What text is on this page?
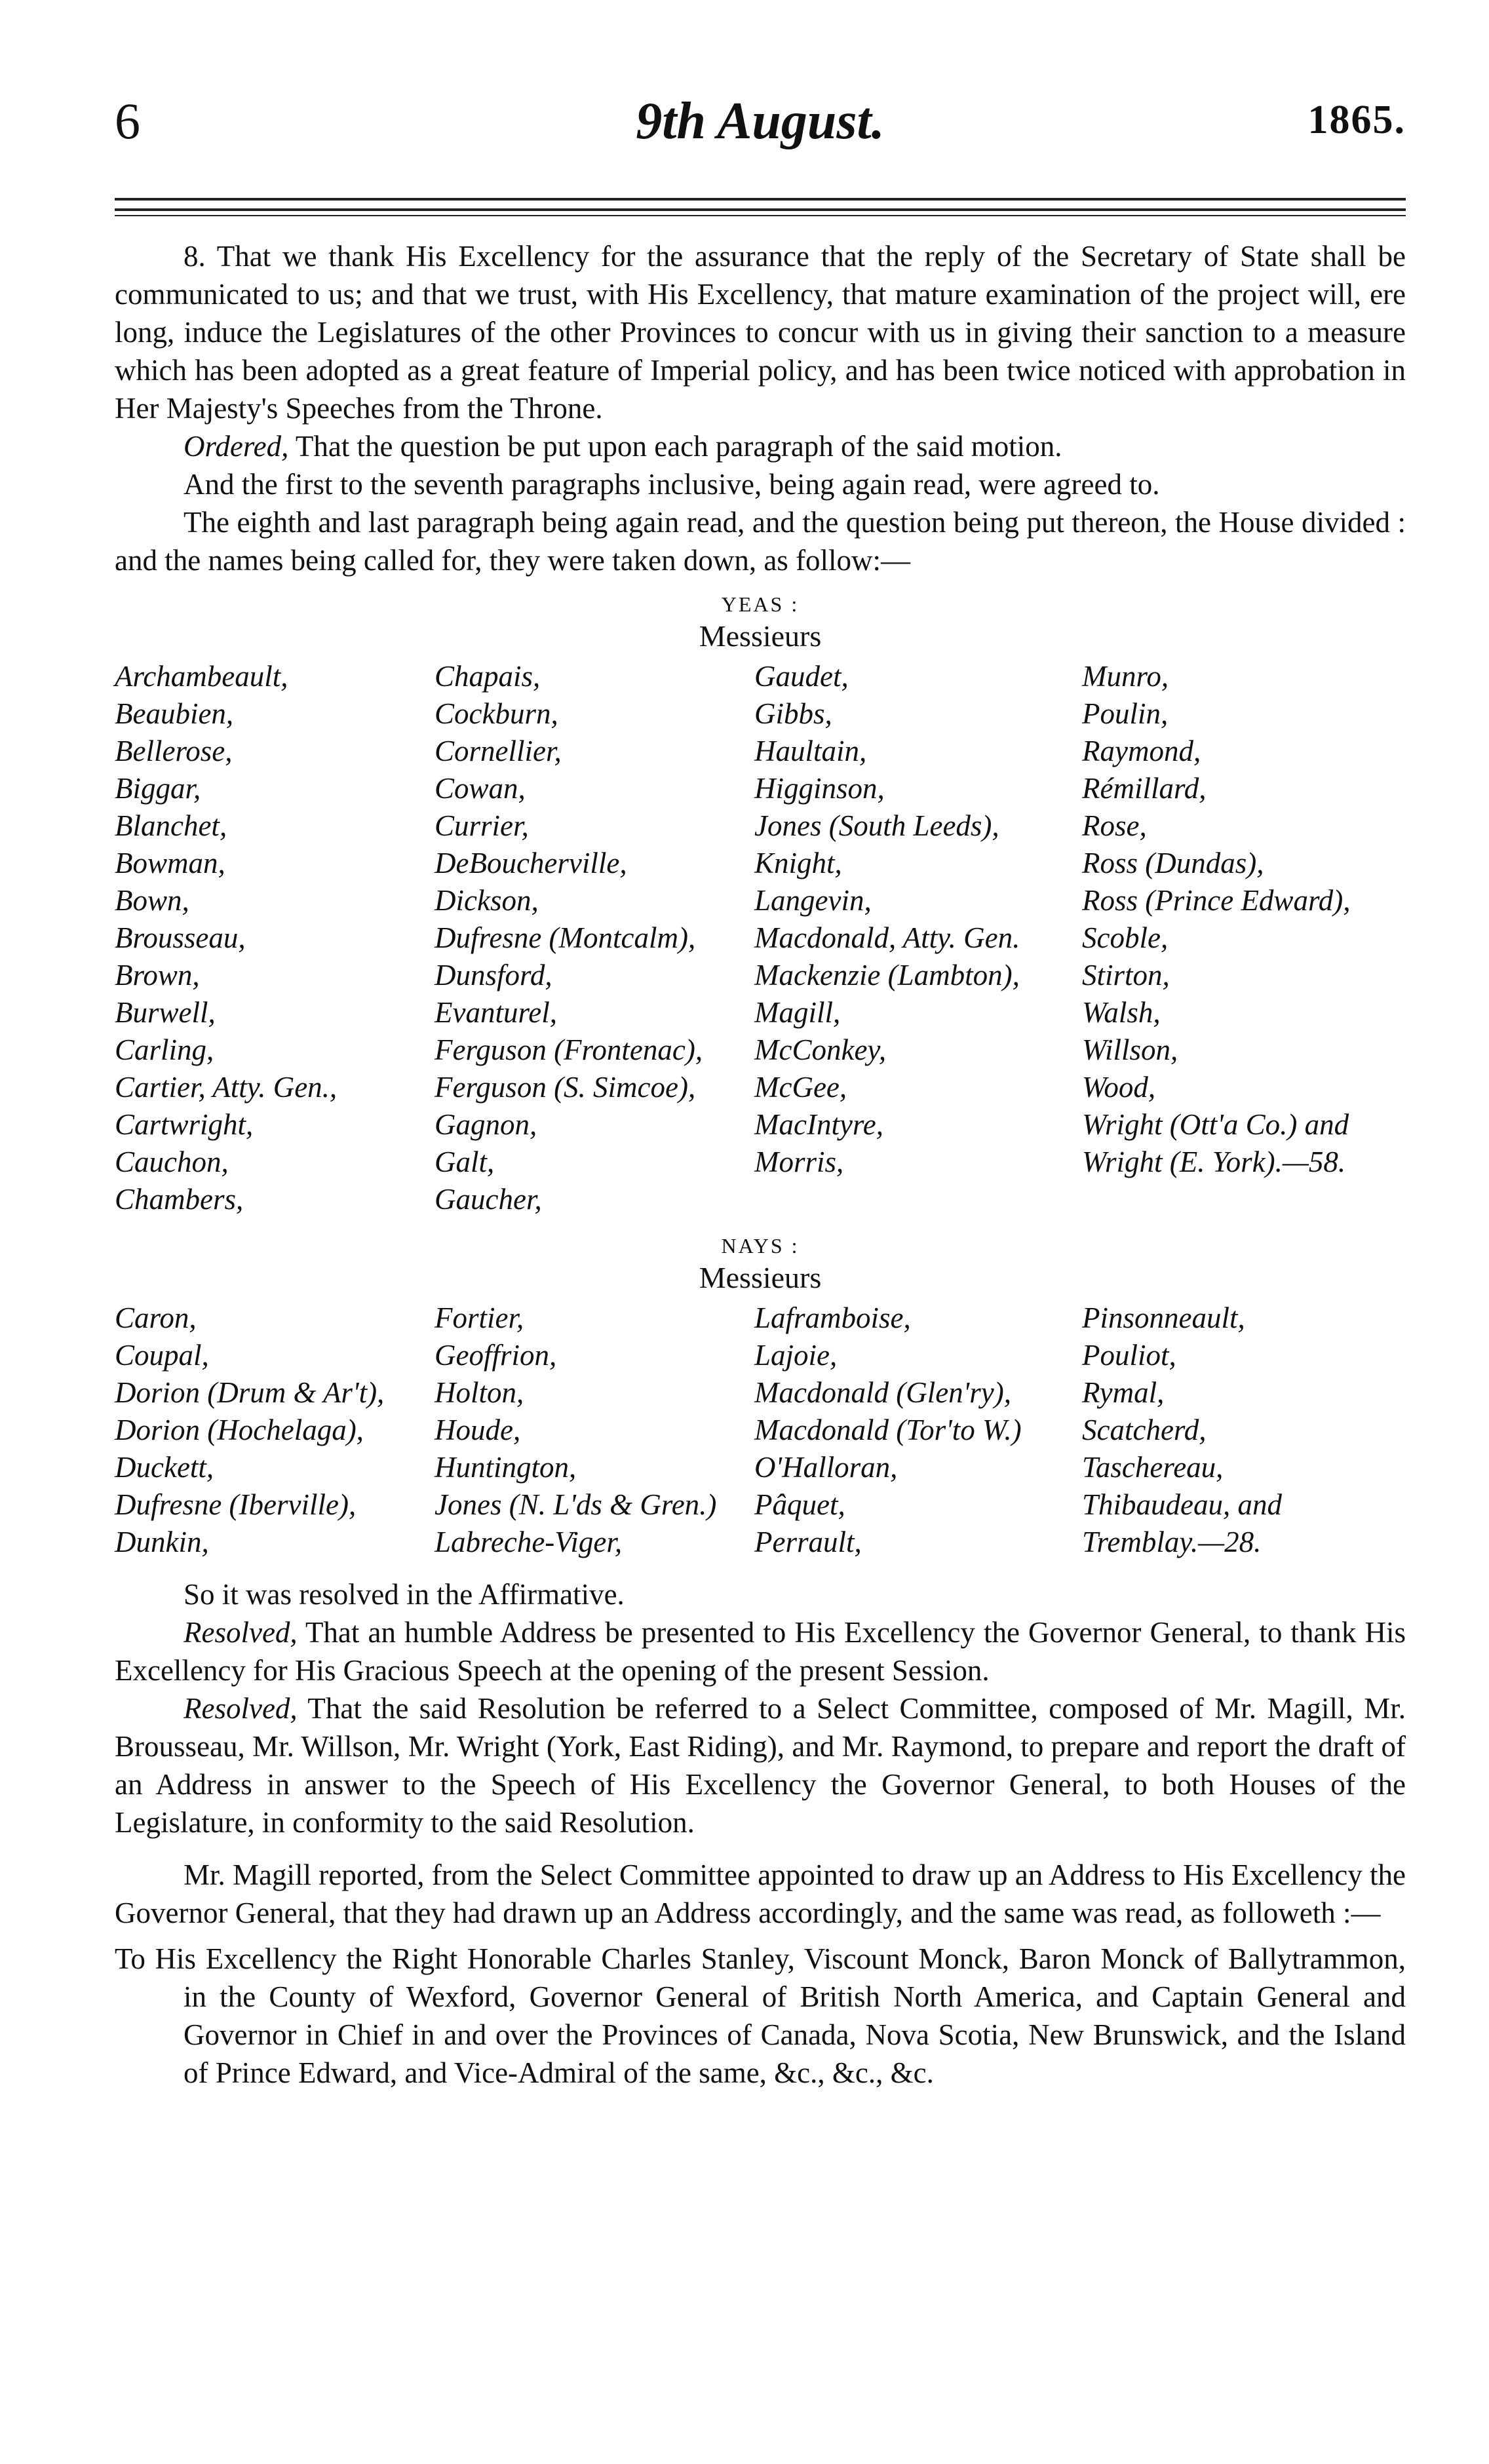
6	9th August.	1865.

8. That we thank His Excellency for the assurance that the reply of the Secretary of State shall be communicated to us; and that we trust, with His Excellency, that mature examination of the project will, ere long, induce the Legislatures of the other Provinces to concur with us in giving their sanction to a measure which has been adopted as a great feature of Imperial policy, and has been twice noticed with approbation in Her Majesty's Speeches from the Throne.

Ordered, That the question be put upon each paragraph of the said motion.

And the first to the seventh paragraphs inclusive, being again read, were agreed to.

The eighth and last paragraph being again read, and the question being put thereon, the House divided : and the names being called for, they were taken down, as follow:—

YEAS :
Messieurs
Archambeault,
Beaubien,
Bellerose,
Biggar,
Blanchet,
Bowman,
Bown,
Brousseau,
Brown,
Burwell,
Carling,
Cartier, Atty. Gen.,
Cartwright,
Cauchon,
Chambers,
Chapais,
Cockburn,
Cornellier,
Cowan,
Currier,
DeBoucherville,
Dickson,
Dufresne (Montcalm),
Dunsford,
Evanturel,
Ferguson (Frontenac),
Ferguson (S. Simcoe),
Gagnon,
Galt,
Gaucher,
Gaudet,
Gibbs,
Haultain,
Higginson,
Jones (South Leeds),
Knight,
Langevin,
Macdonald, Atty. Gen.
Mackenzie (Lambton),
Magill,
McConkey,
McGee,
MacIntyre,
Morris,
Munro,
Poulin,
Raymond,
Rémillard,
Rose,
Ross (Dundas),
Ross (Prince Edward),
Scoble,
Stirton,
Walsh,
Willson,
Wood,
Wright (Ott'a Co.) and
Wright (E. York).—58.
NAYS :
Messieurs
Caron,
Coupal,
Dorion (Drum & Ar't),
Dorion (Hochelaga),
Duckett,
Dufresne (Iberville),
Dunkin,
Fortier,
Geoffrion,
Holton,
Houde,
Huntington,
Jones (N. L'ds & Gren.)
Labreche-Viger,
Laframboise,
Lajoie,
Macdonald (Glen'ry),
Macdonald (Tor'to W.)
O'Halloran,
Pâquet,
Perrault,
Pinsonneault,
Pouliot,
Rymal,
Scatcherd,
Taschereau,
Thibaudeau, and
Tremblay.—28.

So it was resolved in the Affirmative.

Resolved, That an humble Address be presented to His Excellency the Governor General, to thank His Excellency for His Gracious Speech at the opening of the present Session.

Resolved, That the said Resolution be referred to a Select Committee, composed of Mr. Magill, Mr. Brousseau, Mr. Willson, Mr. Wright (York, East Riding), and Mr. Raymond, to prepare and report the draft of an Address in answer to the Speech of His Excellency the Governor General, to both Houses of the Legislature, in conformity to the said Resolution.

Mr. Magill reported, from the Select Committee appointed to draw up an Address to His Excellency the Governor General, that they had drawn up an Address accordingly, and the same was read, as followeth :—

To His Excellency the Right Honorable Charles Stanley, Viscount Monck, Baron Monck of Ballytrammon, in the County of Wexford, Governor General of British North America, and Captain General and Governor in Chief in and over the Provinces of Canada, Nova Scotia, New Brunswick, and the Island of Prince Edward, and Vice-Admiral of the same, &c., &c., &c.
